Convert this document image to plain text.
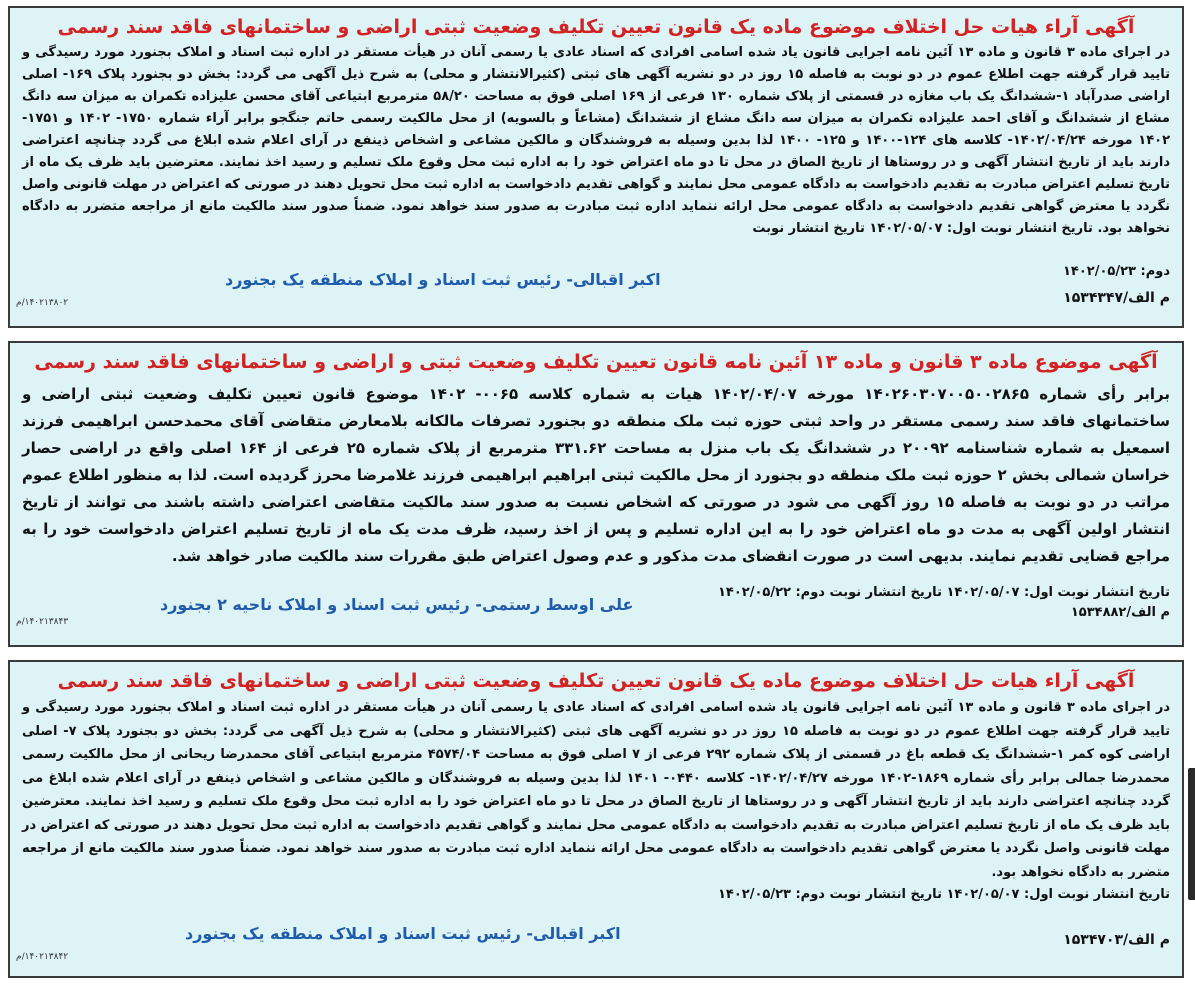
آگهی آراء هیات حل اختلاف موضوع ماده یک قانون تعیین تکلیف وضعیت ثبتی اراضی و ساختمانهای فاقد سند رسمی
در اجرای ماده ۳ قانون و ماده ۱۳ آئین نامه اجرایی قانون یاد شده اسامی افرادی که اسناد عادی یا رسمی آنان در هیأت مستقر در اداره ثبت اسناد و املاک بجنورد مورد رسیدگی و تایید قرار گرفته جهت اطلاع عموم در دو نوبت به فاصله ۱۵ روز در دو نشریه آگهی های ثبتی (کثیرالانتشار و محلی) به شرح ذیل آگهی می گردد: بخش دو بجنورد پلاک ۱۶۹- اصلی اراضی صدرآباد ۱-ششدانگ یک باب مغازه در قسمتی از پلاک شماره ۱۳۰ فرعی از ۱۶۹ اصلی فوق به مساحت ۵۸/۲۰ مترمربع ابتیاعی آقای محسن علیزاده تکمران به میزان سه دانگ مشاع از ششدانگ و آقای احمد علیزاده تکمران به میزان سه دانگ مشاع از ششدانگ (مشاعاً و بالسویه) از محل مالکیت رسمی حاتم جنگجو برابر آراء شماره ۱۷۵۰- ۱۴۰۲ و ۱۷۵۱- ۱۴۰۲ مورخه ۱۴۰۲/۰۴/۲۴- کلاسه های ۱۲۴-۱۴۰۰ و ۱۲۵- ۱۴۰۰ لذا بدین وسیله به فروشندگان و مالکین مشاعی و اشخاص ذینفع در آرای اعلام شده ابلاغ می گردد چنانچه اعتراضی دارند باید از تاریخ انتشار آگهی و در روستاها از تاریخ الصاق در محل تا دو ماه اعتراض خود را به اداره ثبت محل وقوع ملک تسلیم و رسید اخذ نمایند. معترضین باید ظرف یک ماه از تاریخ تسلیم اعتراض مبادرت به تقدیم دادخواست به دادگاه عمومی محل نمایند و گواهی تقدیم دادخواست به اداره ثبت محل تحویل دهند در صورتی که اعتراض در مهلت قانونی واصل نگردد یا معترض گواهی تقدیم دادخواست به دادگاه عمومی محل ارائه ننماید اداره ثبت مبادرت به صدور سند خواهد نمود. ضمناً صدور سند مالکیت مانع از مراجعه متضرر به دادگاه نخواهد بود. تاریخ انتشار نوبت اول: ۱۴۰۲/۰۵/۰۷ تاریخ انتشار نوبت
دوم: ۱۴۰۲/۰۵/۲۳
اکبر اقبالی- رئیس ثبت اسناد و املاک منطقه یک بجنورد
م الف/۱۵۳۴۳۴۷
۱۴۰۲۱۳۸۰۲/م
آگهی موضوع ماده ۳ قانون و ماده ۱۳ آئین نامه قانون تعیین تکلیف وضعیت ثبتی و اراضی و ساختمانهای فاقد سند رسمی
برابر رأی شماره ۱۴۰۲۶۰۳۰۷۰۰۵۰۰۲۸۶۵ مورخه ۱۴۰۲/۰۴/۰۷ هیات به شماره کلاسه ۰۰۶۵- ۱۴۰۲ موضوع قانون تعیین تکلیف وضعیت ثبتی اراضی و ساختمانهای فاقد سند رسمی مستقر در واحد ثبتی حوزه ثبت ملک منطقه دو بجنورد تصرفات مالکانه بلامعارض متقاضی آقای محمدحسن ابراهیمی فرزند اسمعیل به شماره شناسنامه ۲۰۰۹۲ در ششدانگ یک باب منزل به مساحت ۳۳۱.۶۲ مترمربع از پلاک شماره ۲۵ فرعی از ۱۶۴ اصلی واقع در اراضی حصار خراسان شمالی بخش ۲ حوزه ثبت ملک منطقه دو بجنورد از محل مالکیت ثبتی ابراهیم ابراهیمی فرزند غلامرضا محرز گردیده است. لذا به منظور اطلاع عموم مراتب در دو نوبت به فاصله ۱۵ روز آگهی می شود در صورتی که اشخاص نسبت به صدور سند مالکیت متقاضی اعتراضی داشته باشند می توانند از تاریخ انتشار اولین آگهی به مدت دو ماه اعتراض خود را به این اداره تسلیم و پس از اخذ رسید، ظرف مدت یک ماه از تاریخ تسلیم اعتراض دادخواست خود را به مراجع قضایی تقدیم نمایند. بدیهی است در صورت انقضای مدت مذکور و عدم وصول اعتراض طبق مقررات سند مالکیت صادر خواهد شد.
تاریخ انتشار نوبت اول: ۱۴۰۲/۰۵/۰۷ تاریخ انتشار نوبت دوم: ۱۴۰۲/۰۵/۲۲
علی اوسط رستمی- رئیس ثبت اسناد و املاک ناحیه ۲ بجنورد	م الف/۱۵۳۴۸۸۲
۱۴۰۲۱۳۸۴۳/م
آگهی آراء هیات حل اختلاف موضوع ماده یک قانون تعیین تکلیف وضعیت ثبتی اراضی و ساختمانهای فاقد سند رسمی
در اجرای ماده ۳ قانون و ماده ۱۳ آئین نامه اجرایی قانون یاد شده اسامی افرادی که اسناد عادی یا رسمی آنان در هیأت مستقر در اداره ثبت اسناد و املاک بجنورد مورد رسیدگی و تایید قرار گرفته جهت اطلاع عموم در دو نوبت به فاصله ۱۵ روز در دو نشریه آگهی های ثبتی (کثیرالانتشار و محلی) به شرح ذیل آگهی می گردد: بخش دو بجنورد پلاک ۷- اصلی اراضی کوه کمر ۱-ششدانگ یک قطعه باغ در قسمتی از پلاک شماره ۲۹۲ فرعی از ۷ اصلی فوق به مساحت ۴۵۷۴/۰۴ مترمربع ابتیاعی آقای محمدرضا ریحانی از محل مالکیت رسمی محمدرضا جمالی برابر رأی شماره ۱۸۶۹-۱۴۰۲ مورخه ۱۴۰۲/۰۴/۲۷- کلاسه ۰۴۴۰- ۱۴۰۱ لذا بدین وسیله به فروشندگان و مالکین مشاعی و اشخاص ذینفع در آرای اعلام شده ابلاغ می گردد چنانچه اعتراضی دارند باید از تاریخ انتشار آگهی و در روستاها از تاریخ الصاق در محل تا دو ماه اعتراض خود را به اداره ثبت محل وقوع ملک تسلیم و رسید اخذ نمایند. معترضین باید ظرف یک ماه از تاریخ تسلیم اعتراض مبادرت به تقدیم دادخواست به دادگاه عمومی محل نمایند و گواهی تقدیم دادخواست به اداره ثبت محل تحویل دهند در صورتی که اعتراض در مهلت قانونی واصل نگردد یا معترض گواهی تقدیم دادخواست به دادگاه عمومی محل ارائه ننماید اداره ثبت مبادرت به صدور سند خواهد نمود. ضمناً صدور سند مالکیت مانع از مراجعه متضرر به دادگاه نخواهد بود.
تاریخ انتشار نوبت اول: ۱۴۰۲/۰۵/۰۷ تاریخ انتشار نوبت دوم: ۱۴۰۲/۰۵/۲۳
اکبر اقبالی- رئیس ثبت اسناد و املاک منطقه یک بجنورد	م الف/۱۵۳۴۷۰۳
۱۴۰۲۱۳۸۴۲/م
